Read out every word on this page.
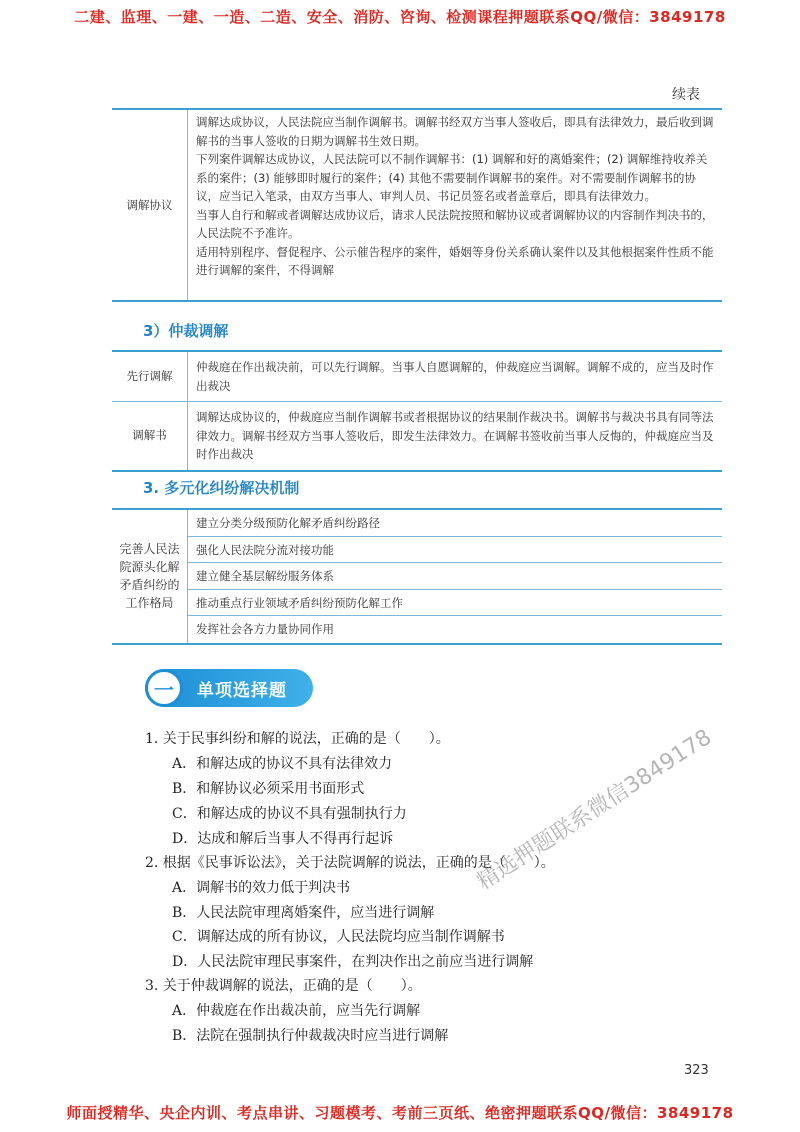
二建、监理、一建、一造、二造、安全、消防、咨询、检测课程押题联系QQ/微信：3849178
续表
调解协议

调解达成协议，人民法院应当制作调解书。调解书经双方当事人签收后，即具有法律效力，最后收到调解书的当事人签收的日期为调解书生效日期。

下列案件调解达成协议，人民法院可以不制作调解书：(1) 调解和好的离婚案件；(2) 调解维持收养关系的案件；(3) 能够即时履行的案件；(4) 其他不需要制作调解书的案件。对不需要制作调解书的协议，应当记入笔录，由双方当事人、审判人员、书记员签名或者盖章后，即具有法律效力。

当事人自行和解或者调解达成协议后，请求人民法院按照和解协议或者调解协议的内容制作判决书的，人民法院不予准许。

适用特别程序、督促程序、公示催告程序的案件，婚姻等身份关系确认案件以及其他根据案件性质不能进行调解的案件，不得调解

3）仲裁调解
先行调解
仲裁庭在作出裁决前，可以先行调解。当事人自愿调解的，仲裁庭应当调解。调解不成的，应当及时作出裁决
调解书
调解达成协议的，仲裁庭应当制作调解书或者根据协议的结果制作裁决书。调解书与裁决书具有同等法律效力。调解书经双方当事人签收后，即发生法律效力。在调解书签收前当事人反悔的，仲裁庭应当及时作出裁决
3. 多元化纠纷解决机制
完善人民法院源头化解矛盾纠纷的工作格局
建立分类分级预防化解矛盾纠纷路径
强化人民法院分流对接功能
建立健全基层解纷服务体系
推动重点行业领域矛盾纠纷预防化解工作
发挥社会各方力量协同作用
一	单项选择题
1. 关于民事纠纷和解的说法，正确的是（　　）。
A．和解达成的协议不具有法律效力
B．和解协议必须采用书面形式
C．和解达成的协议不具有强制执行力
D．达成和解后当事人不得再行起诉
2. 根据《民事诉讼法》，关于法院调解的说法，正确的是（　　）。
A．调解书的效力低于判决书
B．人民法院审理离婚案件，应当进行调解
C．调解达成的所有协议，人民法院均应当制作调解书
D．人民法院审理民事案件，在判决作出之前应当进行调解
3. 关于仲裁调解的说法，正确的是（　　）。
A．仲裁庭在作出裁决前，应当先行调解
B．法院在强制执行仲裁裁决时应当进行调解
精选押题联系微信3849178
323
师面授精华、央企内训、考点串讲、习题模考、考前三页纸、绝密押题联系QQ/微信：3849178
